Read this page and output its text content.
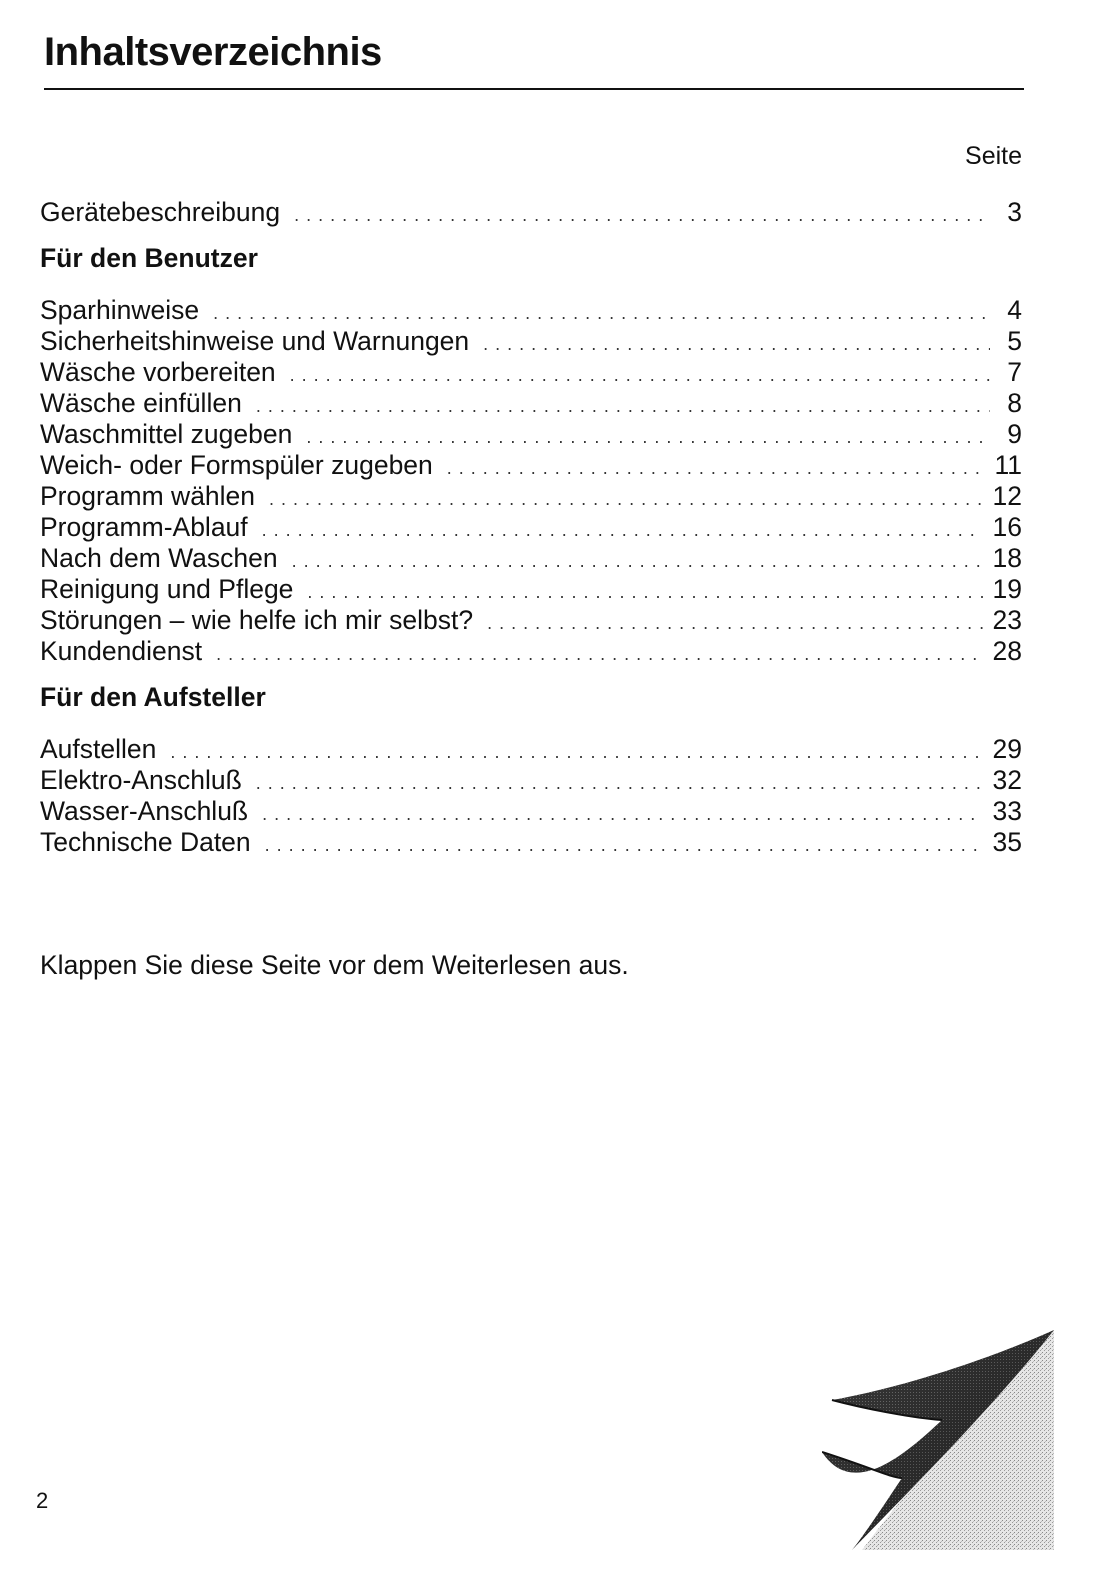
Inhaltsverzeichnis
Seite
Gerätebeschreibung . . .	3
Für den Benutzer
Sparhinweise . . .	4
Sicherheitshinweise und Warnungen . . .	5
Wäsche vorbereiten . . .	7
Wäsche einfüllen . . .	8
Waschmittel zugeben . . .	9
Weich- oder Formspüler zugeben . . .	11
Programm wählen . . .	12
Programm-Ablauf . . .	16
Nach dem Waschen . . .	18
Reinigung und Pflege . . .	19
Störungen – wie helfe ich mir selbst? . . .	23
Kundendienst . . .	28
Für den Aufsteller
Aufstellen . . .	29
Elektro-Anschluß . . .	32
Wasser-Anschluß . . .	33
Technische Daten . . .	35
Klappen Sie diese Seite vor dem Weiterlesen aus.
2
